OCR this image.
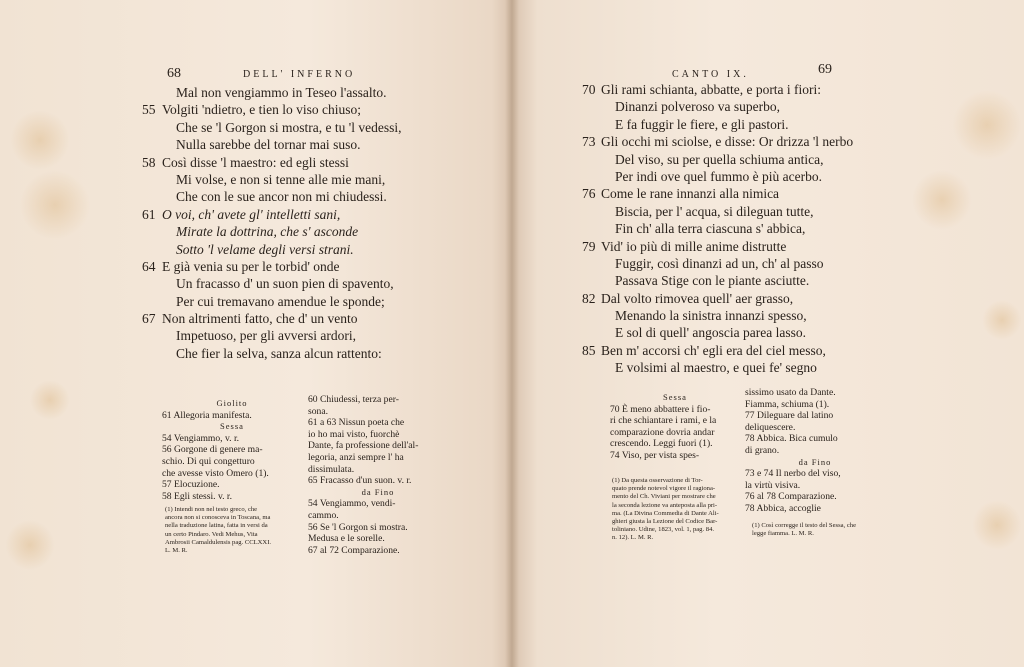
68	DELL' INFERNO
Mal non vengiammo in Teseo l'assalto.
55 Volgiti 'ndietro, e tien lo viso chiuso;
Che se 'l Gorgon si mostra, e tu 'l vedessi,
Nulla sarebbe del tornar mai suso.
58 Così disse 'l maestro: ed egli stessi
Mi volse, e non si tenne alle mie mani,
Che con le sue ancor non mi chiudessi.
61 O voi, ch' avete gl' intelletti sani,
Mirate la dottrina, che s' asconde
Sotto 'l velame degli versi strani.
64 E già venia su per le torbid' onde
Un fracasso d' un suon pien di spavento,
Per cui tremavano amendue le sponde;
67 Non altrimenti fatto, che d' un vento
Impetuoso, per gli avversi ardori,
Che fier la selva, sanza alcun rattento:
Giolito
61 Allegoria manifesta.
Sessa
54 Vengiammo, v. r.
56 Gorgone di genere ma-
schio. Di qui congetturo
che avesse visto Omero (1).
57 Elocuzione.
58 Egli stessi. v. r.
(1) Intendi non nel testo greco, che
ancora non si conosceva in Toscana, ma
nella traduzione latina, fatta in versi da
un certo Pindaro. Vedi Mehus, Vita
Ambrosii Camaldulensis pag. CCLXXI.
L. M. R.
60 Chiudessi, terza per-
sona.
61 a 63 Nissun poeta che
io ho mai visto, fuorchè
Dante, fa professione dell'al-
legoria, anzi sempre l' ha
dissimulata.
65 Fracasso d'un suon. v. r.
da Fino
54 Vengiammo, vendi-
cammo.
56 Se 'l Gorgon si mostra.
Medusa e le sorelle.
67 al 72 Comparazione.
CANTO IX.	69
70 Gli rami schianta, abbatte, e porta i fiori:
Dinanzi polveroso va superbo,
E fa fuggir le fiere, e gli pastori.
73 Gli occhi mi sciolse, e disse: Or drizza 'l nerbo
Del viso, su per quella schiuma antica,
Per indi ove quel fummo è più acerbo.
76 Come le rane innanzi alla nimica
Biscia, per l' acqua, si dileguan tutte,
Fin ch' alla terra ciascuna s' abbica,
79 Vid' io più di mille anime distrutte
Fuggir, così dinanzi ad un, ch' al passo
Passava Stige con le piante asciutte.
82 Dal volto rimovea quell' aer grasso,
Menando la sinistra innanzi spesso,
E sol di quell' angoscia parea lasso.
85 Ben m' accorsi ch' egli era del ciel messo,
E volsimi al maestro, e quei fe' segno
Sessa
70 È meno abbattere i fio-
ri che schiantare i rami, e la
comparazione dovria andar
crescendo. Leggi fuori (1).
74 Viso, per vista spes-
(1) Da questa osservazione di Tor-
quato prende notevol vigore il ragiona-
mento del Ch. Viviani per mostrare che
la seconda lezione va anteposta alla pri-
ma. (La Divina Commedia di Dante Ali-
ghieri giusta la Lezione del Codice Bar-
toliniano. Udine, 1823, vol. 1, pag. 84.
n. 12). L. M. R.
sissimo usato da Dante.
Fiamma, schiuma (1).
77 Dileguare dal latino
deliquescere.
78 Abbica. Bica cumulo
di grano.
da Fino
73 e 74 Il nerbo del viso,
la virtù visiva.
76 al 78 Comparazione.
78 Abbica, accoglie
(1) Così corregge il testo del Sessa, che
legge fiamma. L. M. R.
